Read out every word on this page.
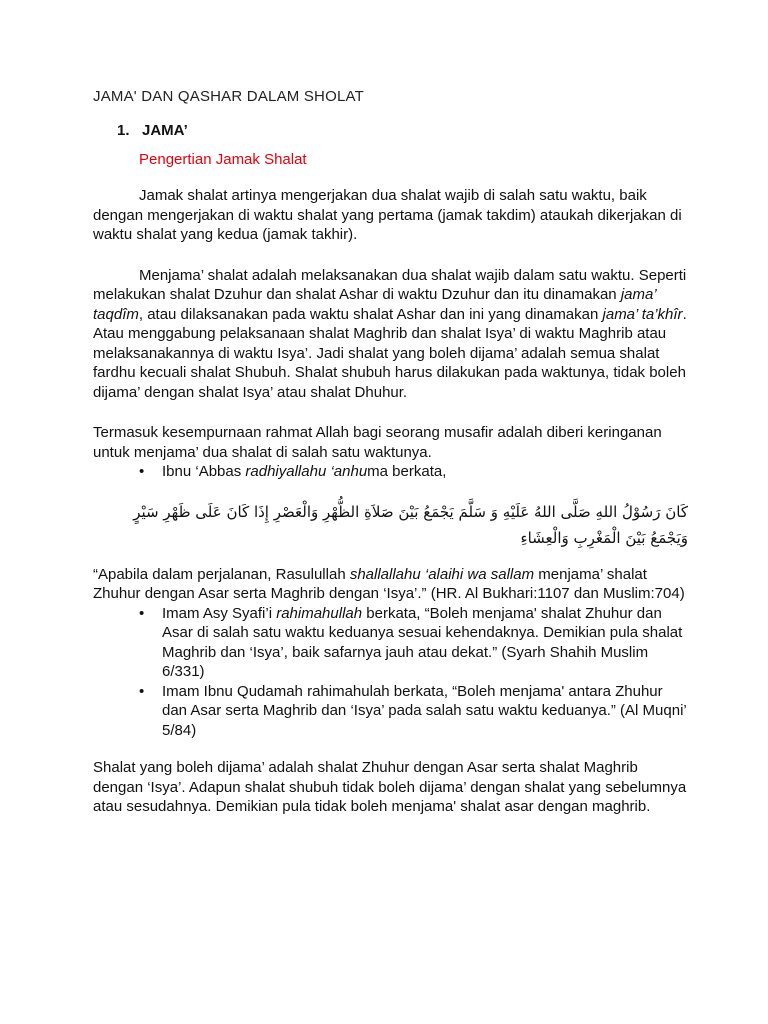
JAMA' DAN QASHAR DALAM SHOLAT
1. JAMA’
Pengertian Jamak Shalat

Jamak shalat artinya mengerjakan dua shalat wajib di salah satu waktu, baik dengan mengerjakan di waktu shalat yang pertama (jamak takdim) ataukah dikerjakan di waktu shalat yang kedua (jamak takhir).

Menjama’ shalat adalah melaksanakan dua shalat wajib dalam satu waktu. Seperti melakukan shalat Dzuhur dan shalat Ashar di waktu Dzuhur dan itu dinamakan jama’ taqdîm, atau dilaksanakan pada waktu shalat Ashar dan ini yang dinamakan jama’ ta’khîr. Atau menggabung pelaksanaan shalat Maghrib dan shalat Isya’ di waktu Maghrib atau melaksanakannya di waktu Isya’. Jadi shalat yang boleh dijama’ adalah semua shalat fardhu kecuali shalat Shubuh. Shalat shubuh harus dilakukan pada waktunya, tidak boleh dijama’ dengan shalat Isya’ atau shalat Dhuhur.

Termasuk kesempurnaan rahmat Allah bagi seorang musafir adalah diberi keringanan untuk menjama’ dua shalat di salah satu waktunya.

• Ibnu ‘Abbas radhiyallahu ‘anhuma berkata,

كَانَ رَسُوْلُ اللهِ صَلَّى اللهُ عَلَيْهِ وَ سَلَّمَ يَجْمَعُ بَيْنَ صَلاَةِ الظُّهْرِ وَالْعَصْرِ إِذَا كَانَ عَلَى ظَهْرِ سَيْرٍ وَيَجْمَعُ بَيْنَ الْمَغْرِبِ وَالْعِشَاءِ

“Apabila dalam perjalanan, Rasulullah shallallahu ‘alaihi wa sallam menjama’ shalat Zhuhur dengan Asar serta Maghrib dengan ‘Isya’.” (HR. Al Bukhari:1107 dan Muslim:704)

• Imam Asy Syafi’i rahimahullah berkata, “Boleh menjama' shalat Zhuhur dan Asar di salah satu waktu keduanya sesuai kehendaknya. Demikian pula shalat Maghrib dan ‘Isya’, baik safarnya jauh atau dekat.” (Syarh Shahih Muslim 6/331)
• Imam Ibnu Qudamah rahimahulah berkata, “Boleh menjama' antara Zhuhur dan Asar serta Maghrib dan ‘Isya’ pada salah satu waktu keduanya.” (Al Muqni’ 5/84)

Shalat yang boleh dijama’ adalah shalat Zhuhur dengan Asar serta shalat Maghrib dengan ‘Isya’. Adapun shalat shubuh tidak boleh dijama’ dengan shalat yang sebelumnya atau sesudahnya. Demikian pula tidak boleh menjama' shalat asar dengan maghrib.
